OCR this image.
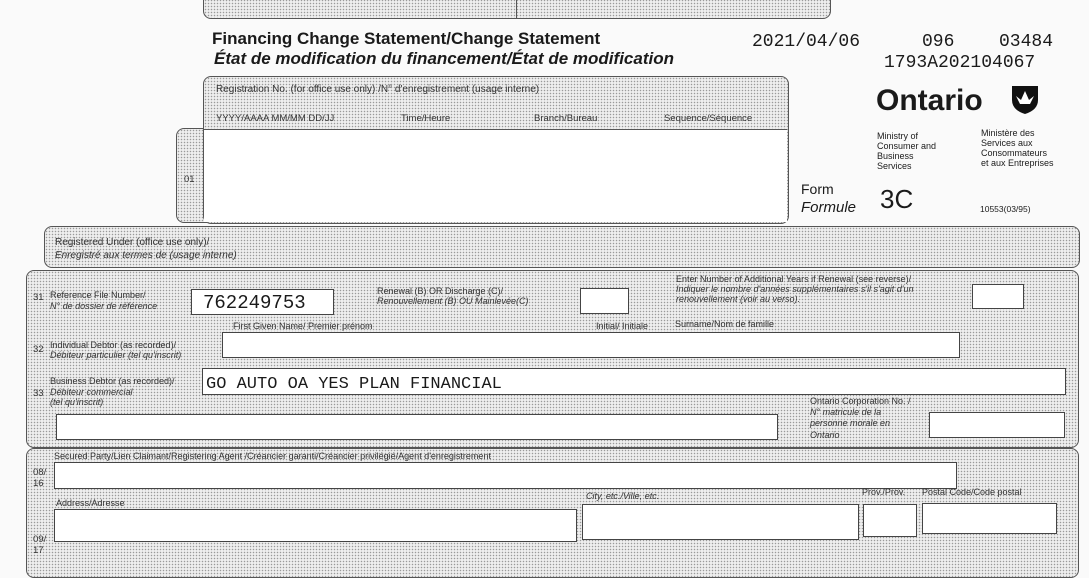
Financing Change Statement/Change Statement
État de modification du financement/État de modification
2021/04/06	096 03484
1793A202104067
01
Registration No. (for office use only) /N° d'enregistrement (usage interne)
YYYY/AAAA MM/MM DD/JJ	Time/Heure	Branch/Bureau	Sequence/Séquence
Ontario
Ministry of
Consumer and
Business
Services
Ministère des
Services aux
Consommateurs
et aux Entreprises
Form
Formule 3C	10553(03/95)
Registered Under (office use only)/
Enregistré aux termes de (usage interne)
31 Reference File Number/
N° de dossier de référence 762249753
Renewal (B) OR Discharge (C)/
Renouvellement (B) OU Mainlevée(C)
Enter Number of Additional Years if Renewal (see reverse)/
Indiquer le nombre d'années supplémentaires s'il s'agit d'un
renouvellement (voir au verso).
First Given Name/ Premier prénom	Initial/ Initiale	Surname/Nom de famille
32 Individual Debtor (as recorded)/
Débiteur particulier (tel qu'inscrit)
33
Business Debtor (as recorded)/
Débiteur commercial
(tel qu'inscrit)
GO AUTO OA YES PLAN FINANCIAL
Ontario Corporation No. /
N° matricule de la
personne morale en
Ontario
08/
16
Secured Party/Lien Claimant/Registering Agent /Créancier garanti/Créancier privilégié/Agent d'enregistrement
Address/Adresse
City, etc./Ville, etc.	Prov./Prov. Postal Code/Code postal
09/
17
